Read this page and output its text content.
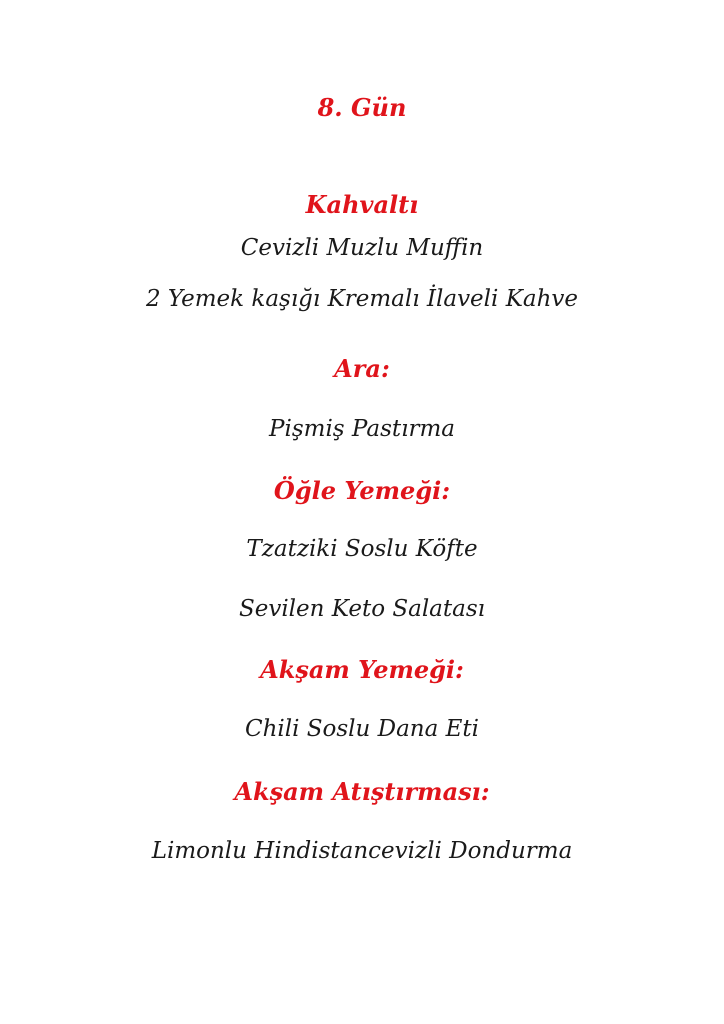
8. Gün
Kahvaltı
Cevizli Muzlu Muffin
2 Yemek kaşığı Kremalı İlaveli Kahve
Ara:
Pişmiş Pastırma
Öğle Yemeği:
Tzatziki Soslu Köfte
Sevilen Keto Salatası
Akşam Yemeği:
Chili Soslu Dana Eti
Akşam Atıştırması:
Limonlu Hindistancevizli Dondurma
